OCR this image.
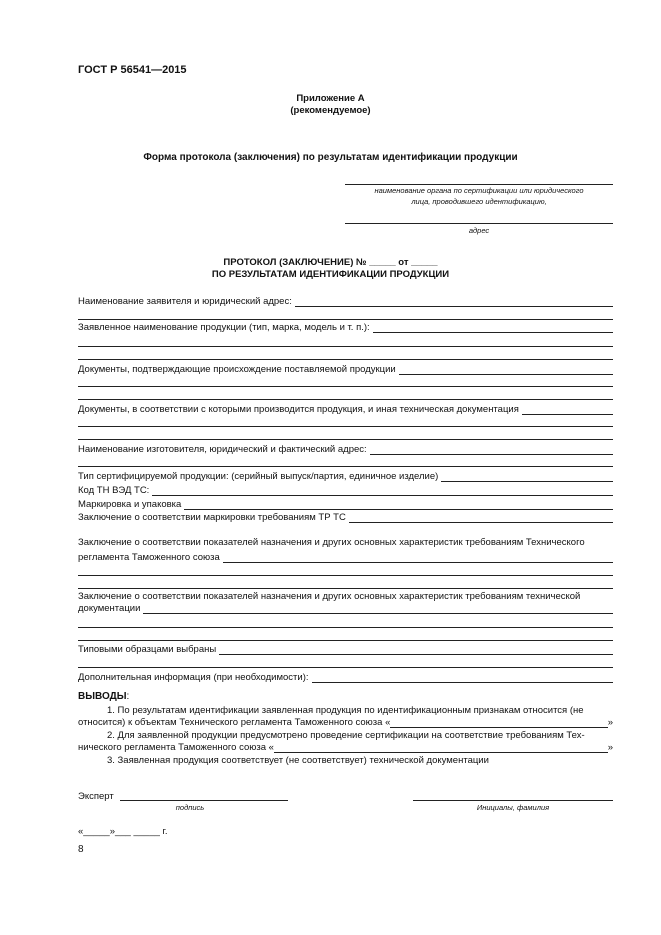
ГОСТ Р 56541—2015
Приложение А
(рекомендуемое)
Форма протокола (заключения) по результатам идентификации продукции
наименование органа по сертификации или юридического
лица, проводившего идентификацию,
адрес
ПРОТОКОЛ (ЗАКЛЮЧЕНИЕ) № _____ от _____
ПО РЕЗУЛЬТАТАМ ИДЕНТИФИКАЦИИ ПРОДУКЦИИ
Наименование заявителя и юридический адрес:
Заявленное наименование продукции (тип, марка, модель и т. п.):
Документы, подтверждающие происхождение поставляемой продукции
Документы, в соответствии с которыми производится продукция, и иная техническая документация
Наименование изготовителя, юридический и фактический адрес:
Тип сертифицируемой продукции: (серийный выпуск/партия, единичное изделие)
Код ТН ВЭД ТС:
Маркировка и упаковка
Заключение о соответствии маркировки требованиям ТР ТС
Заключение о соответствии показателей назначения и других основных характеристик требованиям Технического
регламента Таможенного союза
Заключение о соответствии показателей назначения и других основных характеристик требованиям технической
документации
Типовыми образцами выбраны
Дополнительная информация (при необходимости):
ВЫВОДЫ:
1. По результатам идентификации заявленная продукция по идентификационным признакам относится (не
относится) к объектам Технического регламента Таможенного союза «	»
2. Для заявленной продукции предусмотрено проведение сертификации на соответствие требованиям Тех-
нического регламента Таможенного союза «	»
3. Заявленная продукция соответствует (не соответствует) технической документации
Эксперт
подпись	Инициалы, фамилия
«_____»___ _____ г.
8
